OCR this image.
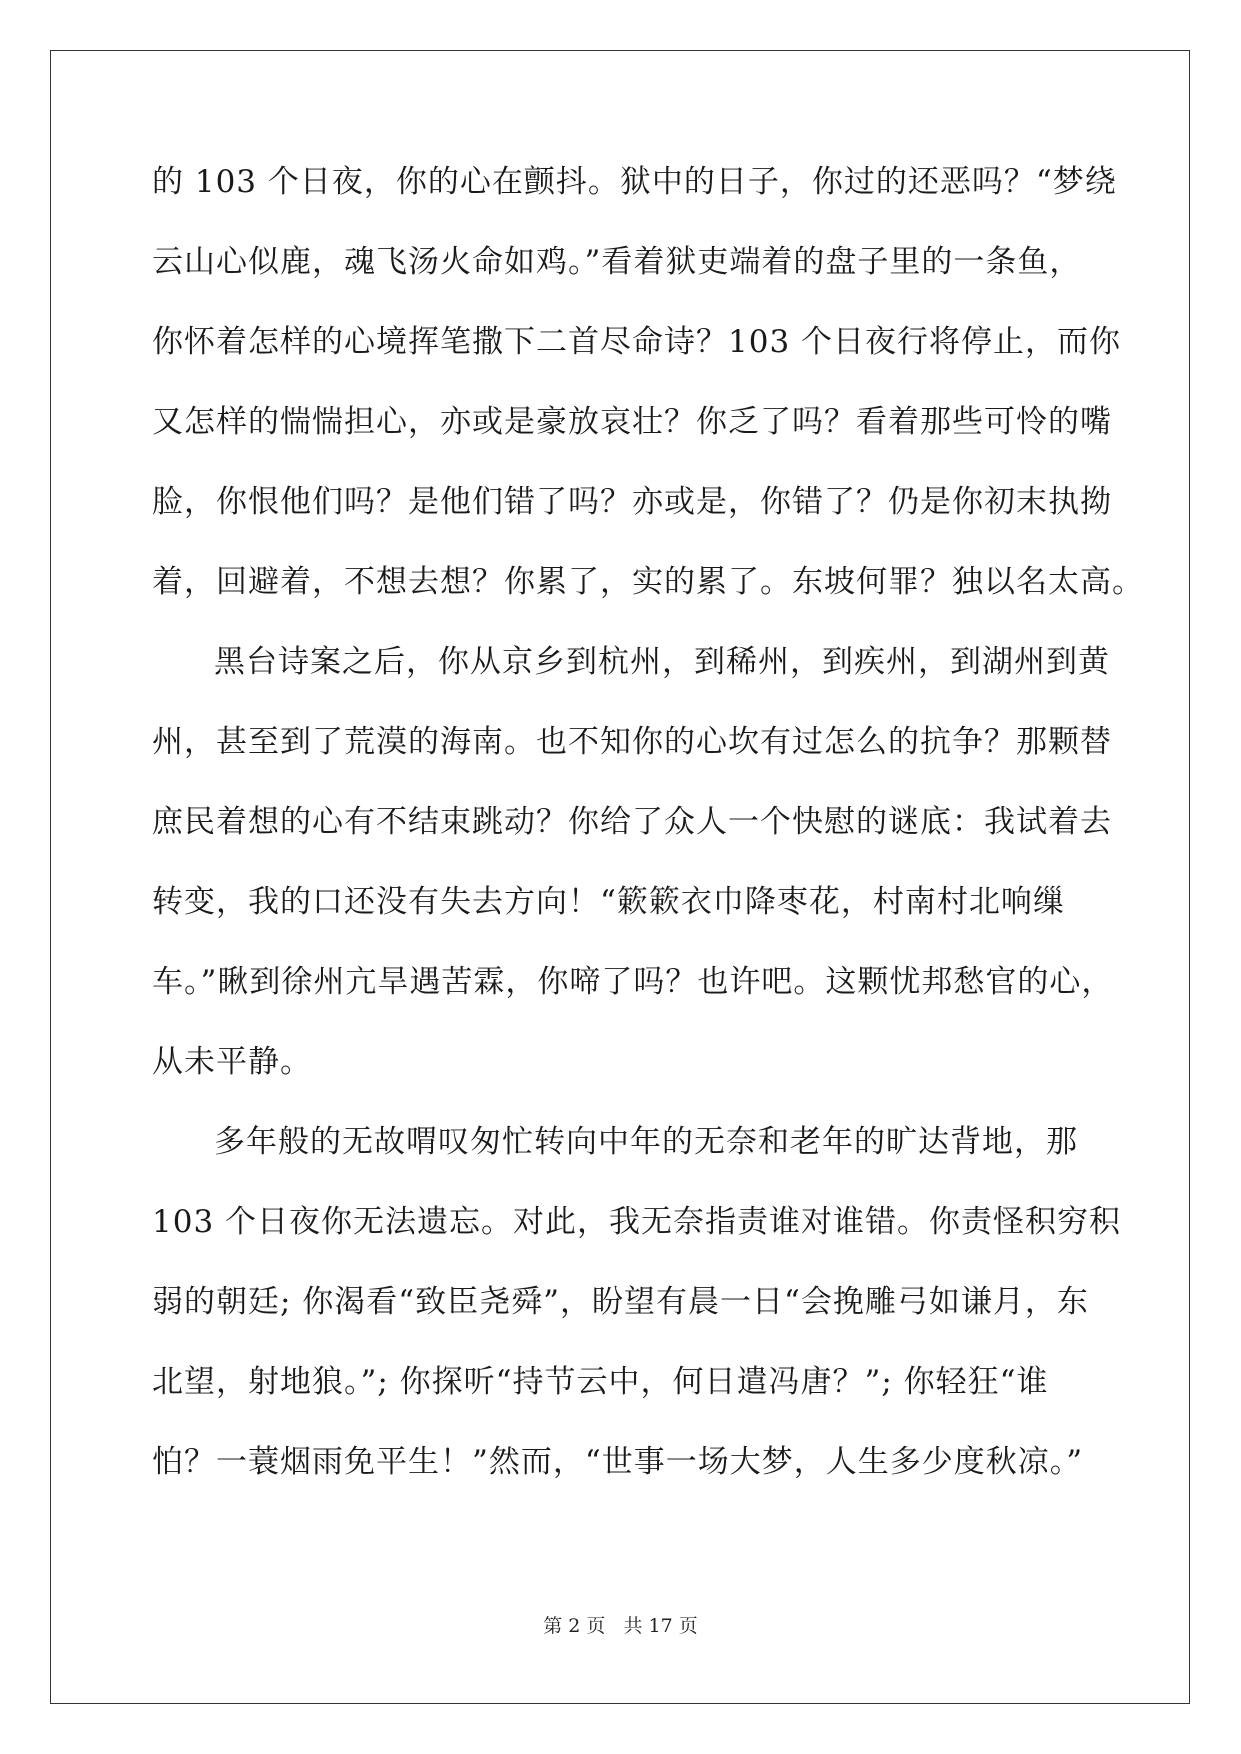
的 103 个日夜，你的心在颤抖。狱中的日子，你过的还恶吗？“梦绕
云山心似鹿，魂飞汤火命如鸡。”看着狱吏端着的盘子里的一条鱼，
你怀着怎样的心境挥笔撒下二首尽命诗？103 个日夜行将停止，而你
又怎样的惴惴担心，亦或是豪放哀壮？你乏了吗？看着那些可怜的嘴
脸，你恨他们吗？是他们错了吗？亦或是，你错了？仍是你初末执拗
着，回避着，不想去想？你累了，实的累了。东坡何罪？独以名太高。
黑台诗案之后，你从京乡到杭州，到稀州，到疾州，到湖州到黄
州，甚至到了荒漠的海南。也不知你的心坎有过怎么的抗争？那颗替
庶民着想的心有不结束跳动？你给了众人一个快慰的谜底：我试着去
转变，我的口还没有失去方向！“簌簌衣巾降枣花，村南村北响缫
车。”瞅到徐州亢旱遇苦霖，你啼了吗？也许吧。这颗忧邦愁官的心，
从未平静。
多年般的无故喟叹匆忙转向中年的无奈和老年的旷达背地，那
103 个日夜你无法遗忘。对此，我无奈指责谁对谁错。你责怪积穷积
弱的朝廷; 你渴看“致臣尧舜”，盼望有晨一日“会挽雕弓如谦月，东
北望，射地狼。”; 你探听“持节云中，何日遣冯唐？”; 你轻狂“谁
怕？一蓑烟雨免平生！”然而，“世事一场大梦，人生多少度秋凉。”
第 2 页 共 17 页
